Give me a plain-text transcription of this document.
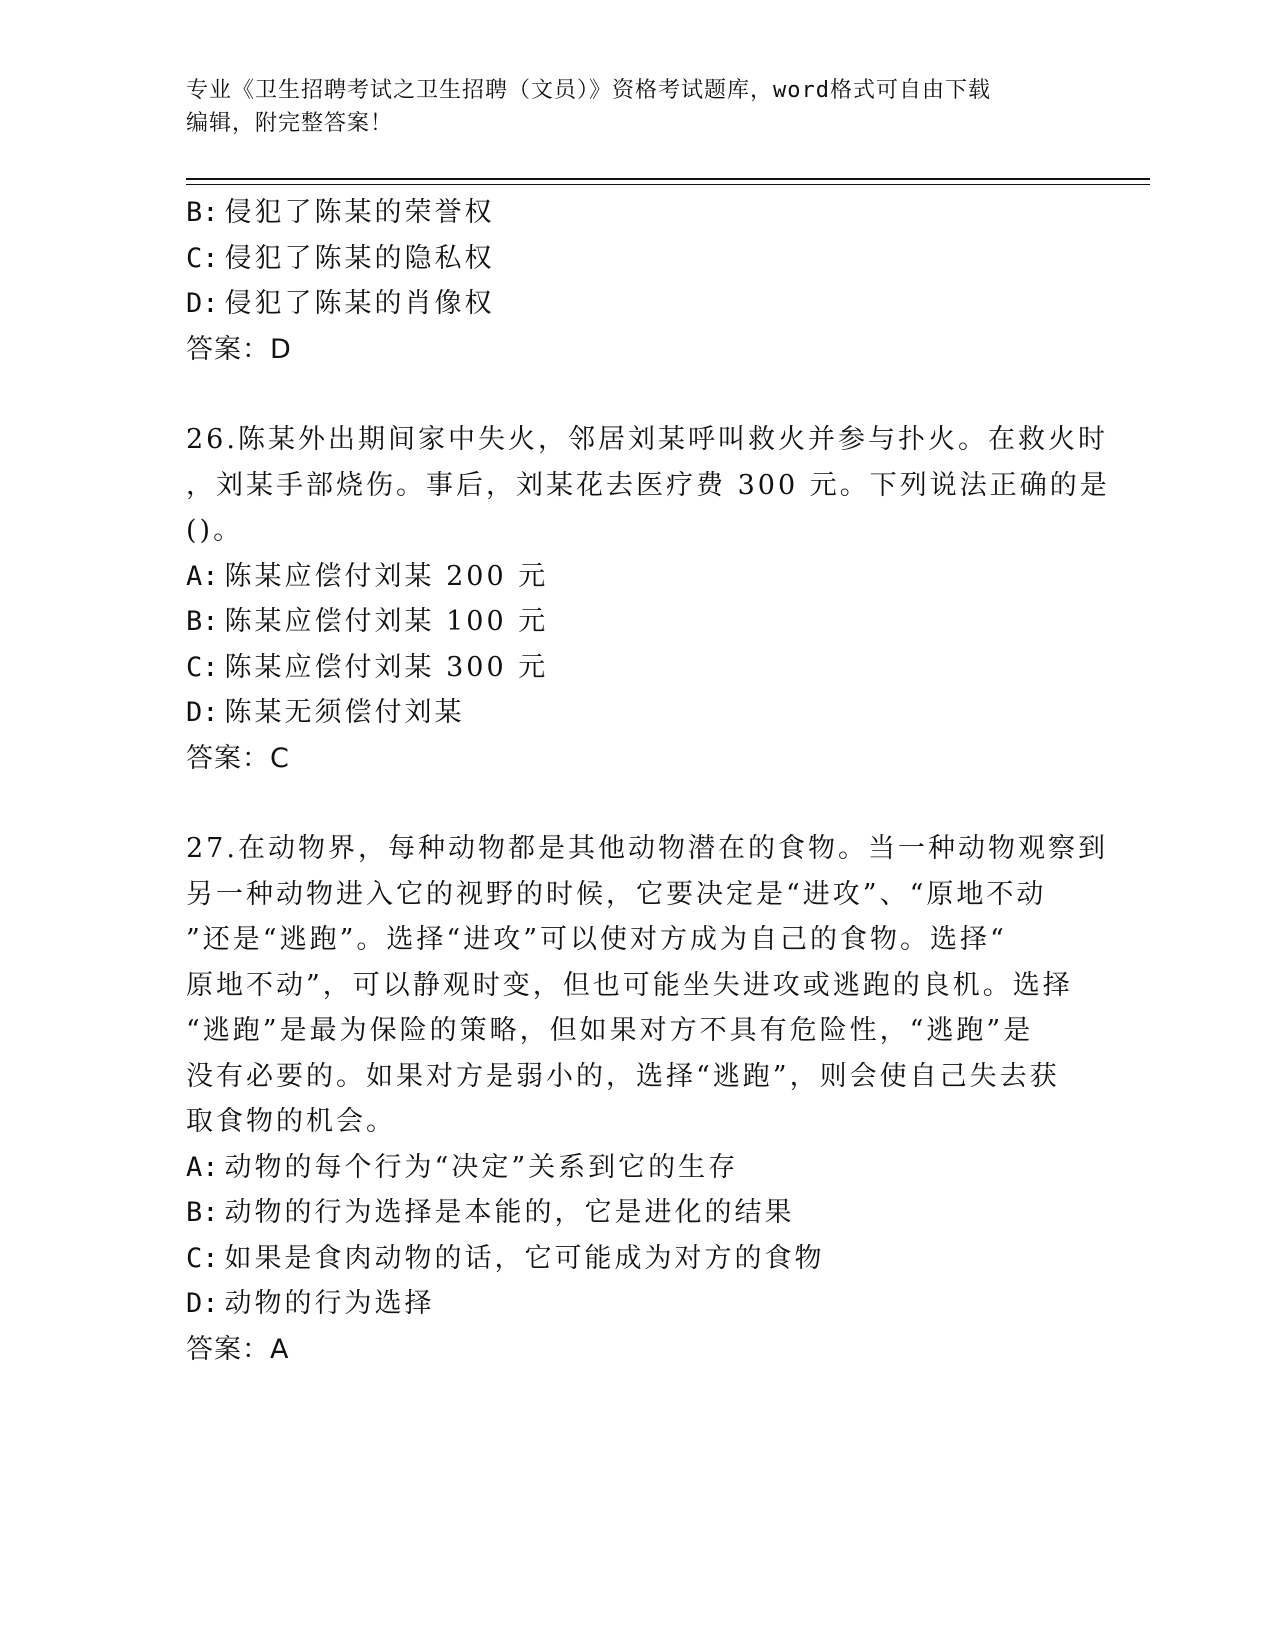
专业《卫生招聘考试之卫生招聘（文员）》资格考试题库，word格式可自由下载
编辑，附完整答案！
B: 侵犯了陈某的荣誉权
C: 侵犯了陈某的隐私权
D: 侵犯了陈某的肖像权
答案：D
26.陈某外出期间家中失火，邻居刘某呼叫救火并参与扑火。在救火时
，刘某手部烧伤。事后，刘某花去医疗费 300 元。下列说法正确的是
()。
A: 陈某应偿付刘某 200 元
B: 陈某应偿付刘某 100 元
C: 陈某应偿付刘某 300 元
D: 陈某无须偿付刘某
答案：C
27.在动物界，每种动物都是其他动物潜在的食物。当一种动物观察到
另一种动物进入它的视野的时候，它要决定是“进攻”、“原地不动
”还是“逃跑”。选择“进攻”可以使对方成为自己的食物。选择“
原地不动”，可以静观时变，但也可能坐失进攻或逃跑的良机。选择
“逃跑”是最为保险的策略，但如果对方不具有危险性，“逃跑”是
没有必要的。如果对方是弱小的，选择“逃跑”，则会使自己失去获
取食物的机会。
A: 动物的每个行为“决定”关系到它的生存
B: 动物的行为选择是本能的，它是进化的结果
C: 如果是食肉动物的话，它可能成为对方的食物
D: 动物的行为选择
答案：A
